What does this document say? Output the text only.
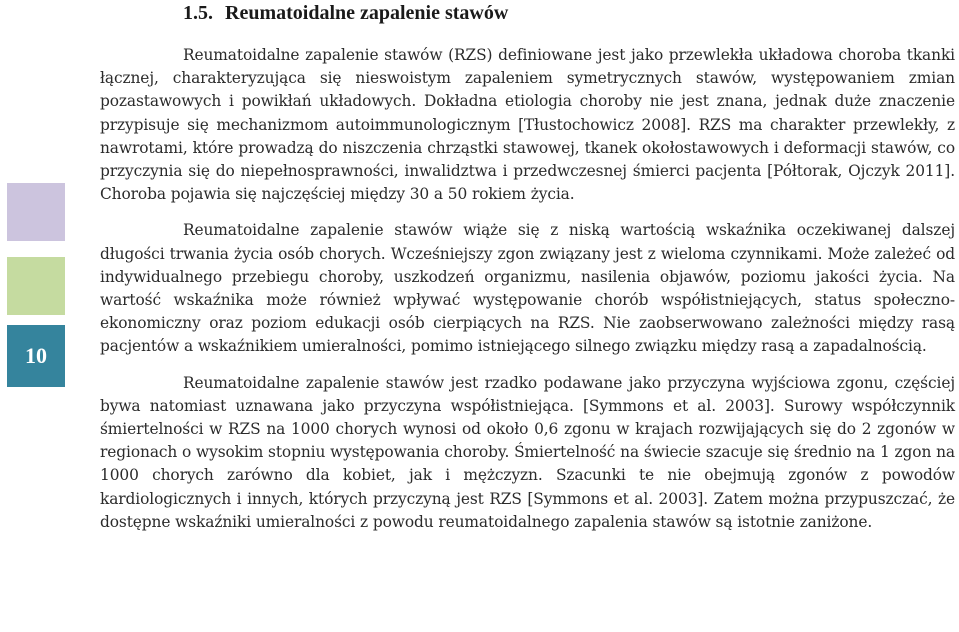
10
1.5. Reumatoidalne zapalenie stawów

Reumatoidalne zapalenie stawów (RZS) definiowane jest jako przewlekła układowa choroba tkanki łącznej, charakteryzująca się nieswoistym zapaleniem symetrycznych stawów, występowaniem zmian pozastawowych i powikłań układowych. Dokładna etiologia choroby nie jest znana, jednak duże znaczenie przypisuje się mechanizmom autoimmunologicznym [Tłustochowicz 2008]. RZS ma charakter przewlekły, z nawrotami, które prowadzą do niszczenia chrząstki stawowej, tkanek okołostawowych i deformacji stawów, co przyczynia się do niepełnosprawności, inwalidztwa i przedwczesnej śmierci pacjenta [Półtorak, Ojczyk 2011]. Choroba pojawia się najczęściej między 30 a 50 rokiem życia.

Reumatoidalne zapalenie stawów wiąże się z niską wartością wskaźnika oczekiwanej dalszej długości trwania życia osób chorych. Wcześniejszy zgon związany jest z wieloma czynnikami. Może zależeć od indywidualnego przebiegu choroby, uszkodzeń organizmu, nasilenia objawów, poziomu jakości życia. Na wartość wskaźnika może również wpływać występowanie chorób współistniejących, status społeczno-ekonomiczny oraz poziom edukacji osób cierpiących na RZS. Nie zaobserwowano zależności między rasą pacjentów a wskaźnikiem umieralności, pomimo istniejącego silnego związku między rasą a zapadalnością.

Reumatoidalne zapalenie stawów jest rzadko podawane jako przyczyna wyjściowa zgonu, częściej bywa natomiast uznawana jako przyczyna współistniejąca. [Symmons et al. 2003]. Surowy współczynnik śmiertelności w RZS na 1000 chorych wynosi od około 0,6 zgonu w krajach rozwijających się do 2 zgonów w regionach o wysokim stopniu występowania choroby. Śmiertelność na świecie szacuje się średnio na 1 zgon na 1000 chorych zarówno dla kobiet, jak i mężczyzn. Szacunki te nie obejmują zgonów z powodów kardiologicznych i innych, których przyczyną jest RZS [Symmons et al. 2003]. Zatem można przypuszczać, że dostępne wskaźniki umieralności z powodu reumatoidalnego zapalenia stawów są istotnie zaniżone.
